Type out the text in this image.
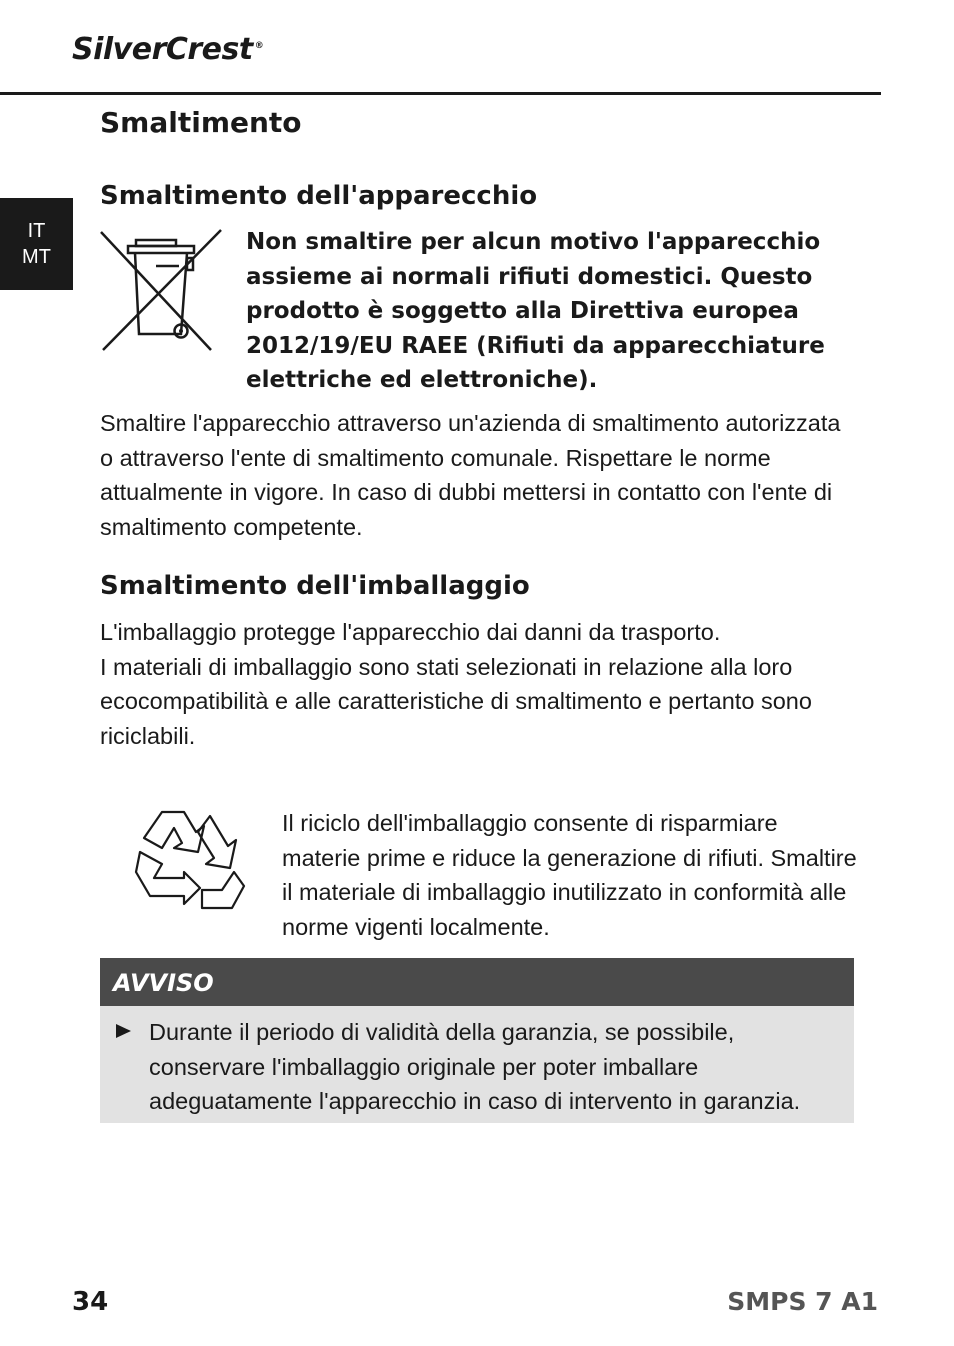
SilverCrest ®
IT
MT
Smaltimento
Smaltimento dell'apparecchio
Non smaltire per alcun motivo l'apparecchio assieme ai normali rifiuti domestici. Questo prodotto è soggetto alla Direttiva europea 2012/19/EU RAEE (Rifiuti da apparecchiature elettriche ed elettroniche).

Smaltire l'apparecchio attraverso un'azienda di smaltimento autorizzata o attraverso l'ente di smaltimento comunale. Rispettare le norme attualmente in vigore. In caso di dubbi mettersi in contatto con l'ente di smaltimento competente.

Smaltimento dell'imballaggio

L'imballaggio protegge l'apparecchio dai danni da trasporto.

I materiali di imballaggio sono stati selezionati in relazione alla loro ecocompatibilità e alle caratteristiche di smaltimento e pertanto sono riciclabili.

Il riciclo dell'imballaggio consente di risparmiare materie prime e riduce la generazione di rifiuti. Smaltire il materiale di imballaggio inutilizzato in conformità alle norme vigenti localmente.

AVVISO
Durante il periodo di validità della garanzia, se possibile, conservare l'imballaggio originale per poter imballare adeguatamente l'apparecchio in caso di intervento in garanzia.
34	SMPS 7 A1
